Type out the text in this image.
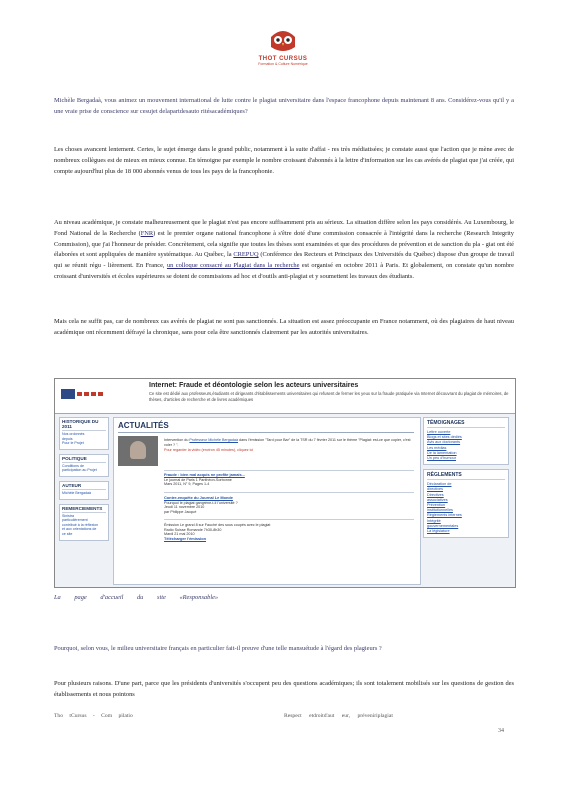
THOT CURSUS
Formation & Culture Numérique
Michèle Bergadaà, vous animez un mouvement international de lutte contre le plagiat universitaire dans l'espace francophone depuis maintenant 8 ans. Considérez-vous qu'il y a une vraie prise de conscience sur cesujet delapartdesauto ritésacadémiques?
Les choses avancent lentement. Certes, le sujet émerge dans le grand public, notamment à la suite d'affai - res très médiatisées; je constate aussi que l'action que je mène avec de nombreux collègues est de mieux en mieux connue. En témoigne par exemple le nombre croissant d'abonnés à la lettre d'information sur les cas avérés de plagiat que j'ai créée, qui compte aujourd'hui plus de 18 000 abonnés venus de tous les pays de la francophonie.
Au niveau académique, je constate malheureusement que le plagiat n'est pas encore suffisamment pris au sérieux. La situation diffère selon les pays considérés. Au Luxembourg, le Fond National de la Recherche (FNR) est le premier organe national francophone à s'être doté d'une commission consacrée à l'intégrité dans la recherche (Research Integrity Commission), que j'ai l'honneur de présider. Concrètement, cela signifie que toutes les thèses sont examinées et que des procédures de prévention et de sanction du pla - giat ont été élaborées et sont appliquées de manière systématique. Au Québec, la CREPUQ (Conférence des Recteurs et Principaux des Universités du Québec) dispose d'un groupe de travail qui se réunit régu - lièrement. En France, un colloque consacré au Plagiat dans la recherche est organisé en octobre 2011 à Paris. Et globalement, on constate qu'un nombre croissant d'universités et écoles supérieures se dotent de commissions ad hoc et d'outils anti-plagiat et y soumettent les travaux des étudiants.
Mais cela ne suffit pas, car de nombreux cas avérés de plagiat ne sont pas sanctionnés. La situation est assez préoccupante en France notamment, où des plagiaires de haut niveau académique ont récemment défrayé la chronique, sans pour cela être sanctionnés clairement par les autorités universitaires.
Internet: Fraude et déontologie selon les acteurs universitaires
Ce site est dédié aux professeurs,étudiants et dirigeants d'établissements universitaires qui refusent de fermer les yeux sur la fraude pratiquée via Internet découvrant du plagiat de mémoires, de thèses, d'articles de recherche et de livres académiques
HISTORIQUE DU 2011
Nos ordonnés
depuis
Pour le Projet
POLITIQUE
Conditions de
participation au Projet
AUTEUR
Michèle Bergadaà
REMERCIEMENTS
Sinistra
particulièrement
contribué à la réflexion
et aux orientations de
ce site
ACTUALITÉS
Intervention du Professeur Michèle Bergadaà dans l'émission "Tard pour Bar" de la TSR du 7 février 2011 sur le thème "Plagiat: est-ce que copier, c'est voler ? ".
Pour regarder la vidéo (environ 45 minutes), cliquez ici
Fraude : bien mal acquis ne profite jamais...
Le journal de Paris 1 Panthéon-Sorbonne
Mars 2011, N° 9, Pages 1-4
Contre-enquête du Journal Le Monde
Pourquoi le plagiat gangrène-t-il l'université ?
Jeudi 11 novembre 2010
par Philippe Jacqué
Émission Le grand 8 sur Fauché des sous coupés avec le plagiat
Radio Suisse Romande 7h30-8h30
Mardi 21 mai 2010
Télécharger l'émission
TÉMOIGNAGES
Lettre ouverte
Blogs et sites dédiés
Avis aux doctorants
Les médias
De la lamentation
Un peu d'humour
RÈGLEMENTS
Déclaration de
directives
Directives
associatives
Prévention
institutionnelles
Règlements internes
Intégrité
gouvernementales
La législature
La page d'accueil du site «Responsable»
Pourquoi, selon vous, le milieu universitaire français en particulier fait-il preuve d'une telle mansuétude à l'égard des plagieurs ?
Pour plusieurs raisons. D'une part, parce que les présidents d'universités s'occupent peu des questions académiques; ils sont totalement mobilisés sur les questions de gestion des établissements et nous pointons
Tho tCursus - Com pilatio	Respect etdroitd'aut eur, préveniriplagiat
34
